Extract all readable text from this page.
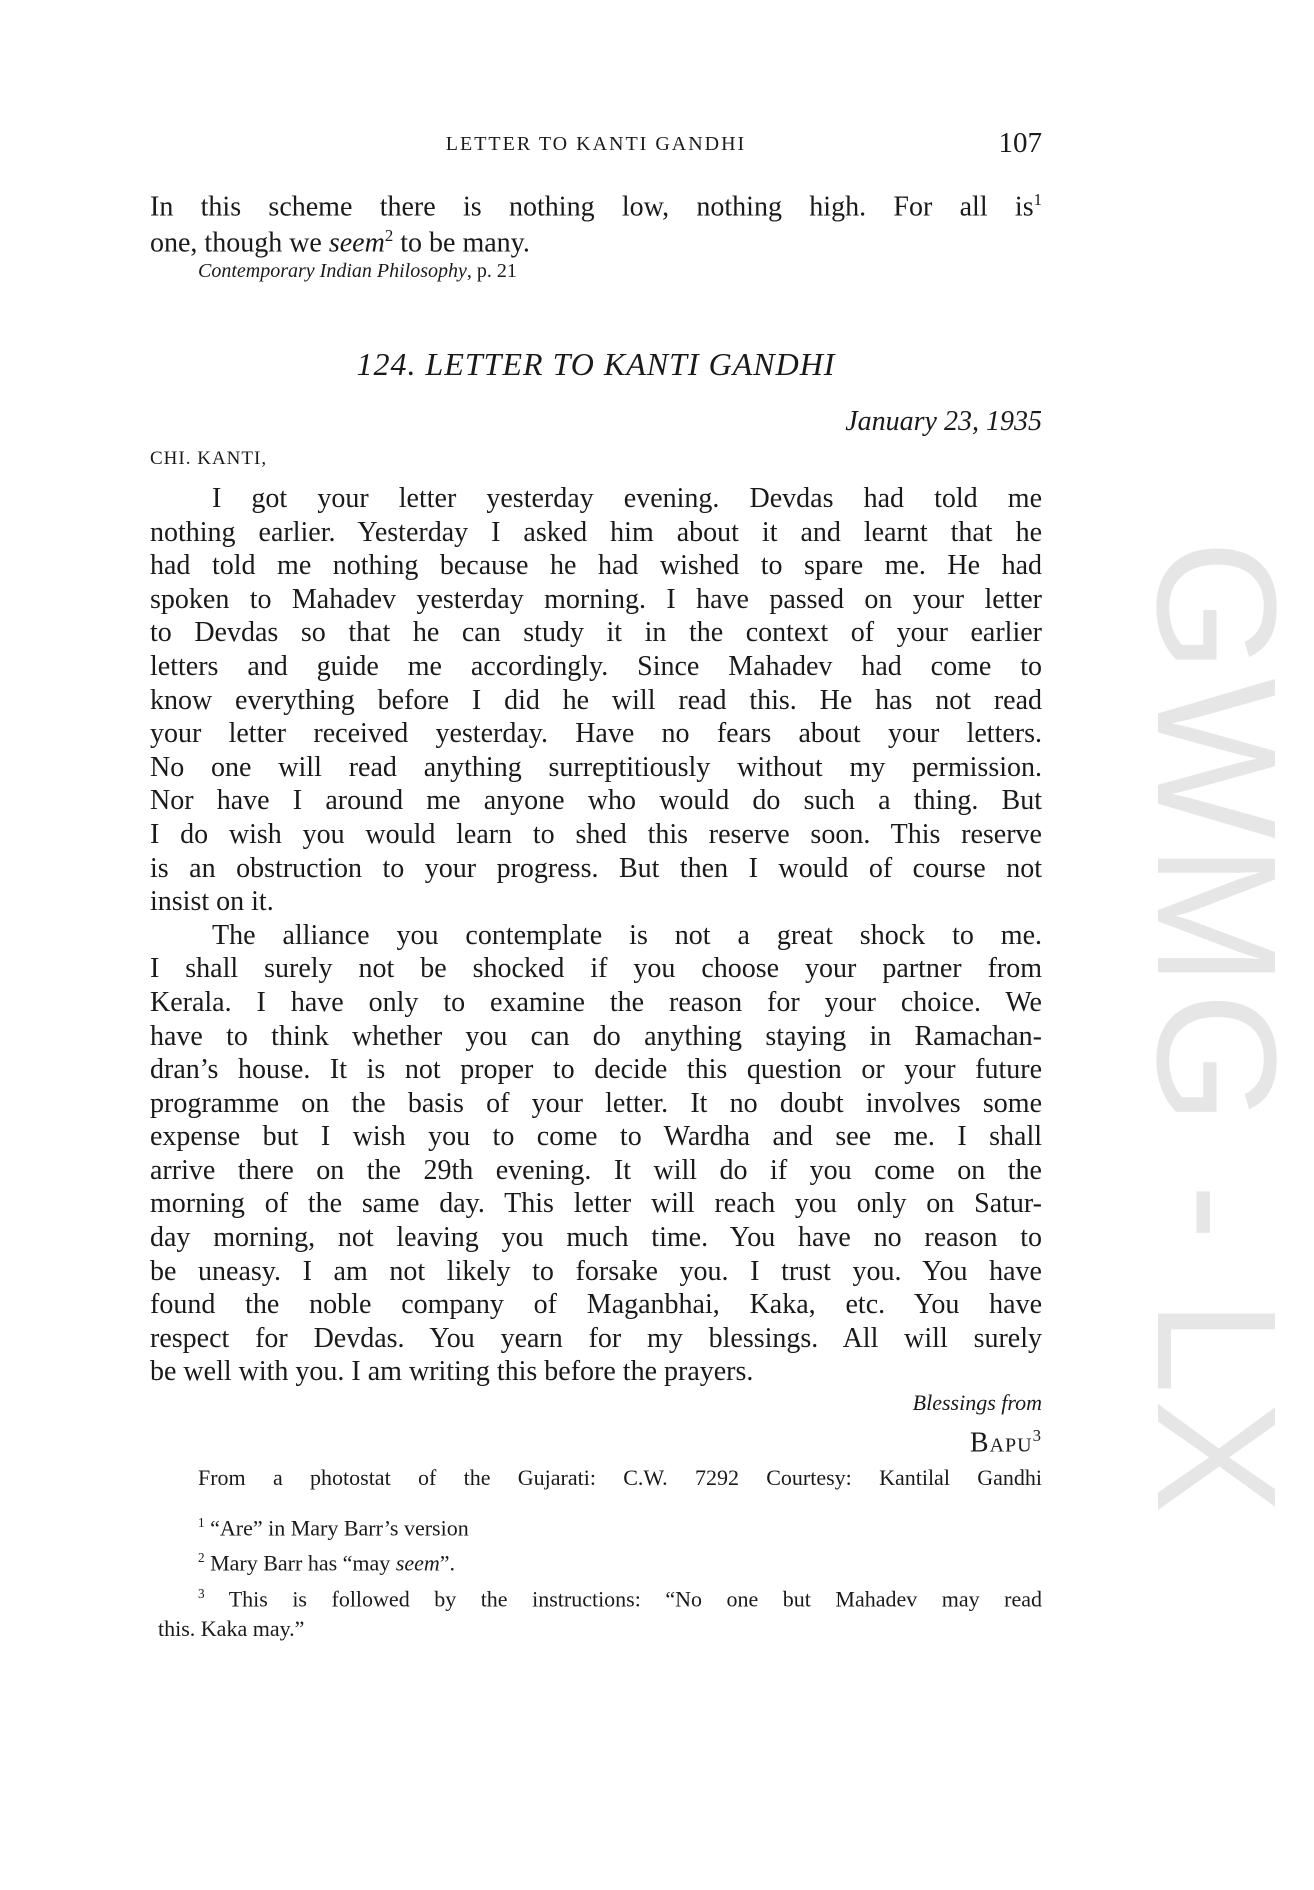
GWMG - LX
LETTER TO KANTI GANDHI	107
In this scheme there is nothing low, nothing high. For all $is^1$
one, though we seem$^2$ to be many.
Contemporary Indian Philosophy, p. 21
124. LETTER TO KANTI GANDHI
January 23, 1935
CHI. KANTI,
I got your letter yesterday evening. Devdas had told me
nothing earlier. Yesterday I asked him about it and learnt that he
had told me nothing because he had wished to spare me. He had
spoken to Mahadev yesterday morning. I have passed on your letter
to Devdas so that he can study it in the context of your earlier
letters and guide me accordingly. Since Mahadev had come to
know everything before I did he will read this. He has not read
your letter received yesterday. Have no fears about your letters.
No one will read anything surreptitiously without my permission.
Nor have I around me anyone who would do such a thing. But
I do wish you would learn to shed this reserve soon. This reserve
is an obstruction to your progress. But then I would of course not
insist on it.
The alliance you contemplate is not a great shock to me.
I shall surely not be shocked if you choose your partner from
Kerala. I have only to examine the reason for your choice. We
have to think whether you can do anything staying in Ramachan-
dran’s house. It is not proper to decide this question or your future
programme on the basis of your letter. It no doubt involves some
expense but I wish you to come to Wardha and see me. I shall
arrive there on the 29th evening. It will do if you come on the
morning of the same day. This letter will reach you only on Satur-
day morning, not leaving you much time. You have no reason to
be uneasy. I am not likely to forsake you. I trust you. You have
found the noble company of Maganbhai, Kaka, etc. You have
respect for Devdas. You yearn for my blessings. All will surely
be well with you. I am writing this before the prayers.
Blessings from
Bapu$^3$
From a photostat of the Gujarati: C.W. 7292 Courtesy: Kantilal Gandhi
$^1$ “Are” in Mary Barr’s version
$^2$ Mary Barr has “may seem”.
$^3$ This is followed by the instructions: “No one but Mahadev may read
this. Kaka may.”
